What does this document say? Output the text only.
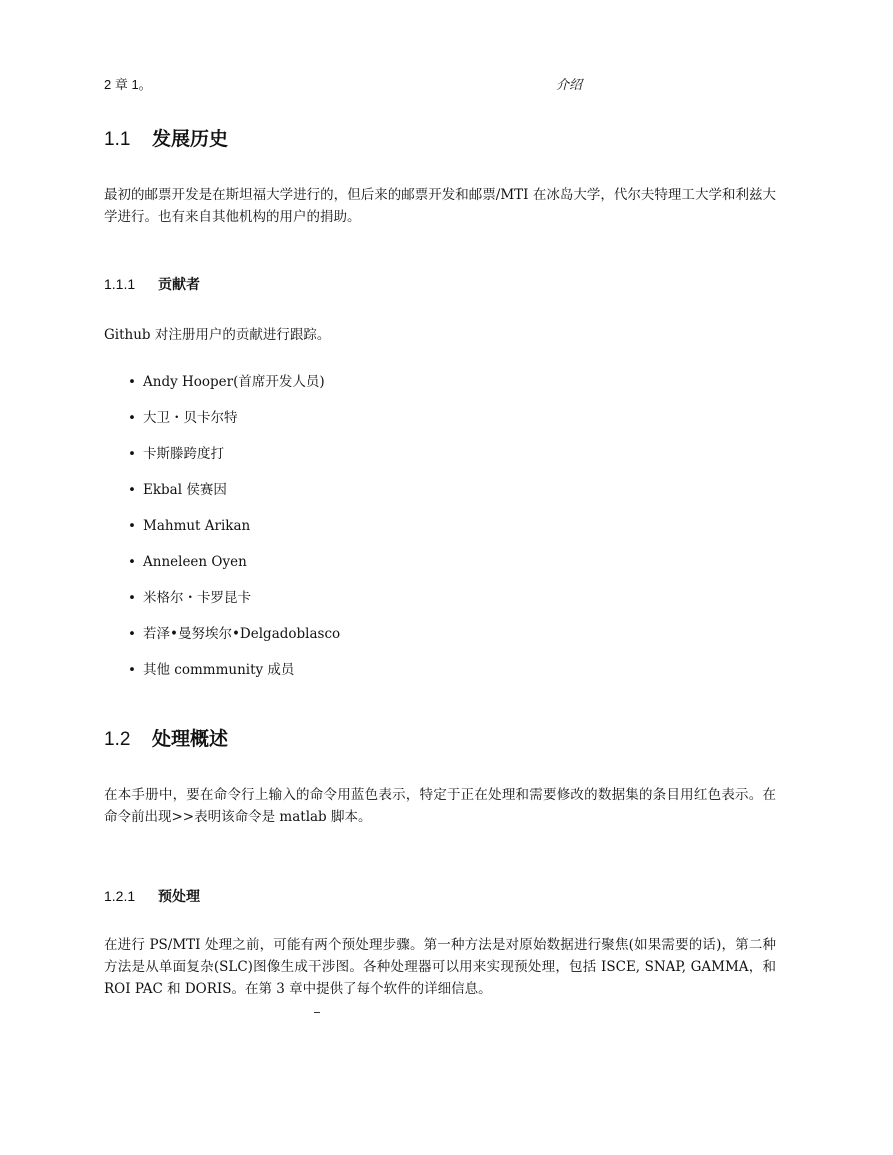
2 章 1。	介绍
1.1 发展历史

最初的邮票开发是在斯坦福大学进行的，但后来的邮票开发和邮票/MTI 在冰岛大学，代尔夫特理工大学和利兹大学进行。也有来自其他机构的用户的捐助。

1.1.1 贡献者

Github 对注册用户的贡献进行跟踪。

• Andy Hooper(首席开发人员)
• 大卫・贝卡尔特
• 卡斯滕跨度打
• Ekbal 侯赛因
• Mahmut Arikan
• Anneleen Oyen
• 米格尔・卡罗昆卡
• 若泽•曼努埃尔•Delgadoblasco
• 其他 commmunity 成员
1.2 处理概述

在本手册中，要在命令行上输入的命令用蓝色表示，特定于正在处理和需要修改的数据集的条目用红色表示。在命令前出现>>表明该命令是 matlab 脚本。

1.2.1 预处理

在进行 PS/MTI 处理之前，可能有两个预处理步骤。第一种方法是对原始数据进行聚焦(如果需要的话)，第二种方法是从单面复杂(SLC)图像生成干涉图。各种处理器可以用来实现预处理，包括 ISCE, SNAP, GAMMA，和 ROI PAC 和 DORIS。在第 3 章中提供了每个软件的详细信息。
